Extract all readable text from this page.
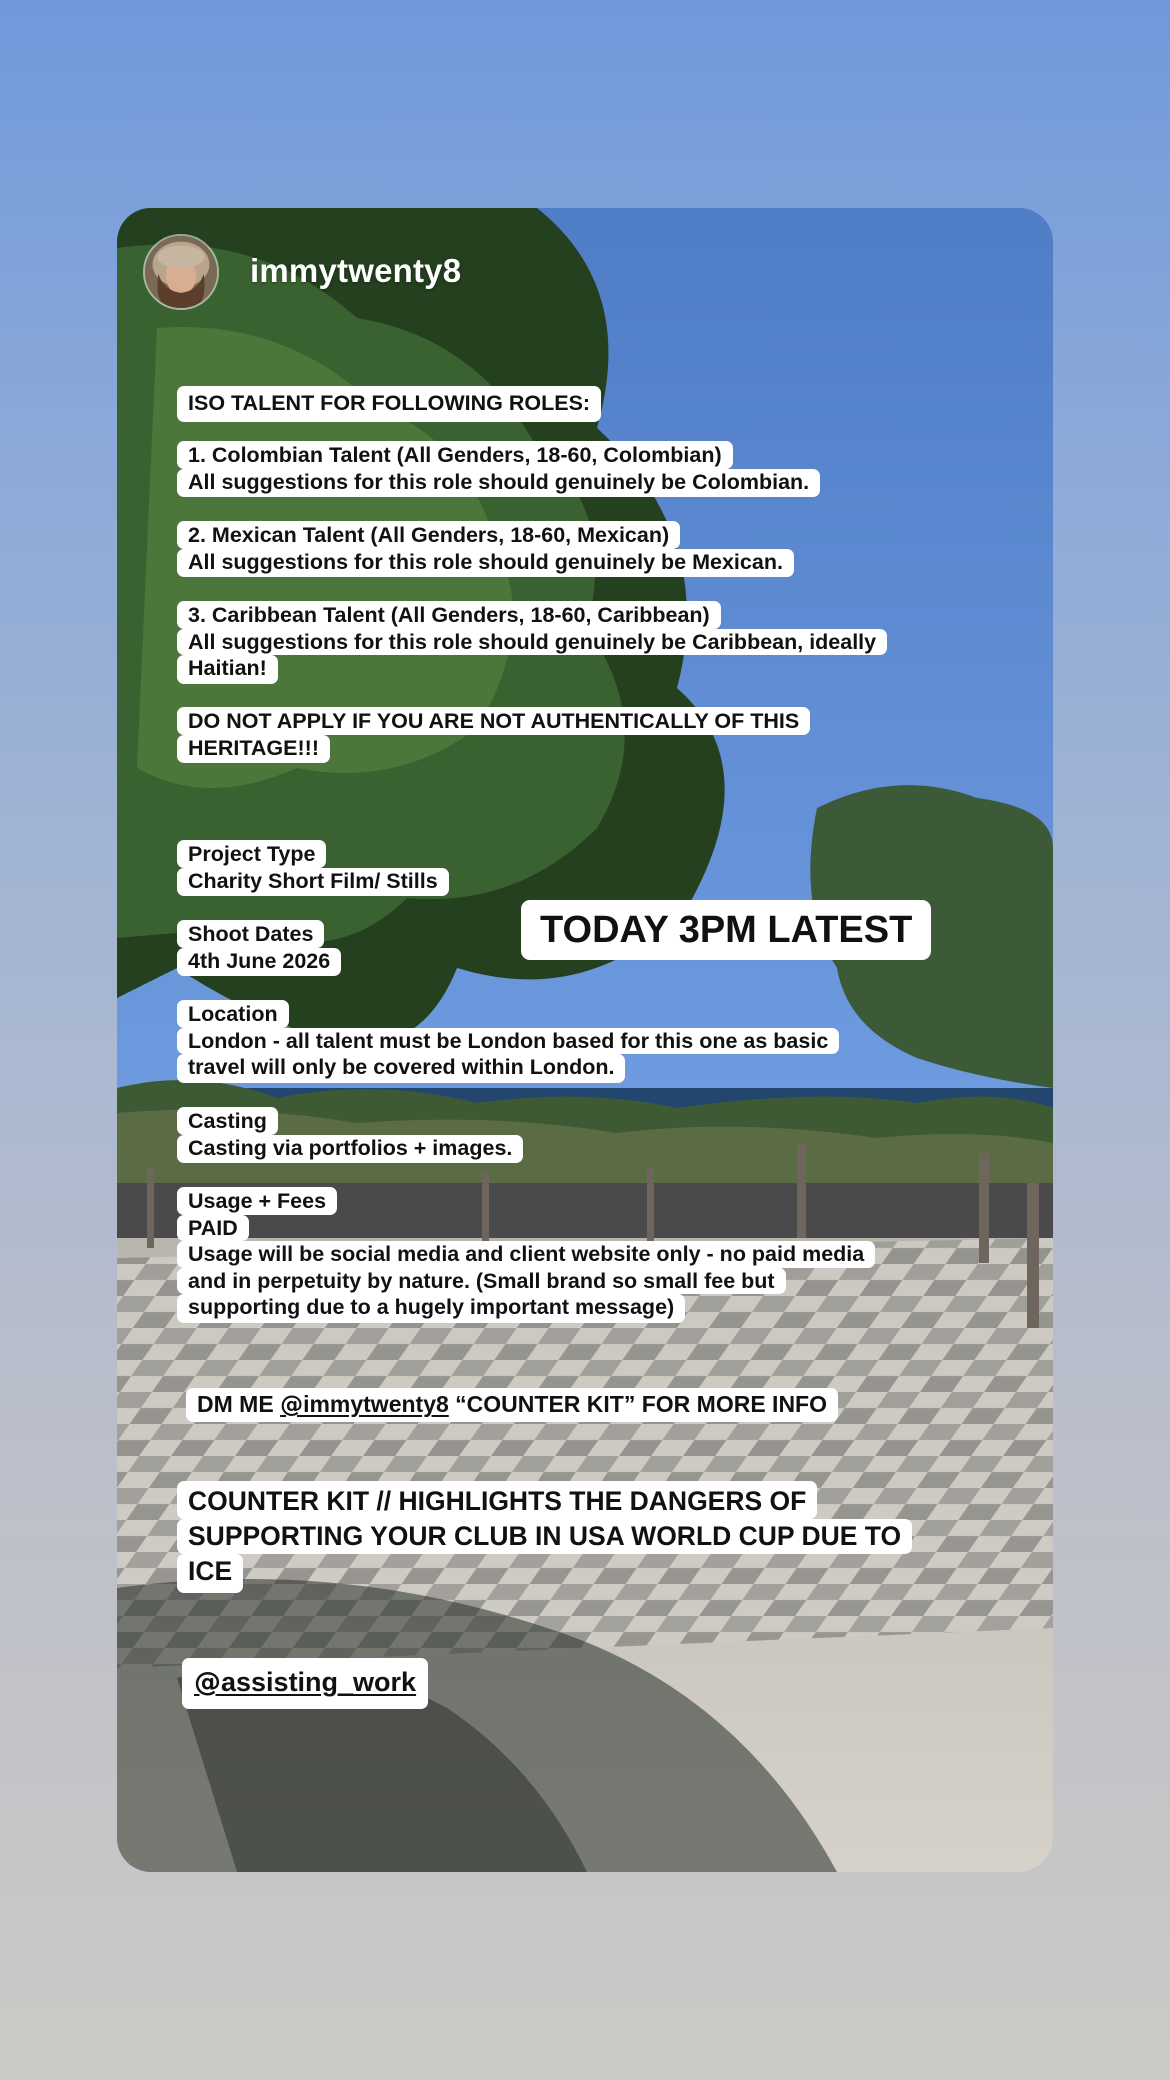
immytwenty8
ISO TALENT FOR FOLLOWING ROLES:
1. Colombian Talent (All Genders, 18-60, Colombian)
All suggestions for this role should genuinely be Colombian.
2. Mexican Talent (All Genders, 18-60, Mexican)
All suggestions for this role should genuinely be Mexican.
3. Caribbean Talent (All Genders, 18-60, Caribbean)
All suggestions for this role should genuinely be Caribbean, ideally
Haitian!
DO NOT APPLY IF YOU ARE NOT AUTHENTICALLY OF THIS
HERITAGE!!!
Project Type
Charity Short Film/ Stills
TODAY 3PM LATEST
Shoot Dates
4th June 2026
Location
London - all talent must be London based for this one as basic
travel will only be covered within London.
Casting
Casting via portfolios + images.
Usage + Fees
PAID
Usage will be social media and client website only - no paid media
and in perpetuity by nature. (Small brand so small fee but
supporting due to a hugely important message)
DM ME @immytwenty8 “COUNTER KIT” FOR MORE INFO
COUNTER KIT // HIGHLIGHTS THE DANGERS OF
SUPPORTING YOUR CLUB IN USA WORLD CUP DUE TO
ICE
@assisting_work
